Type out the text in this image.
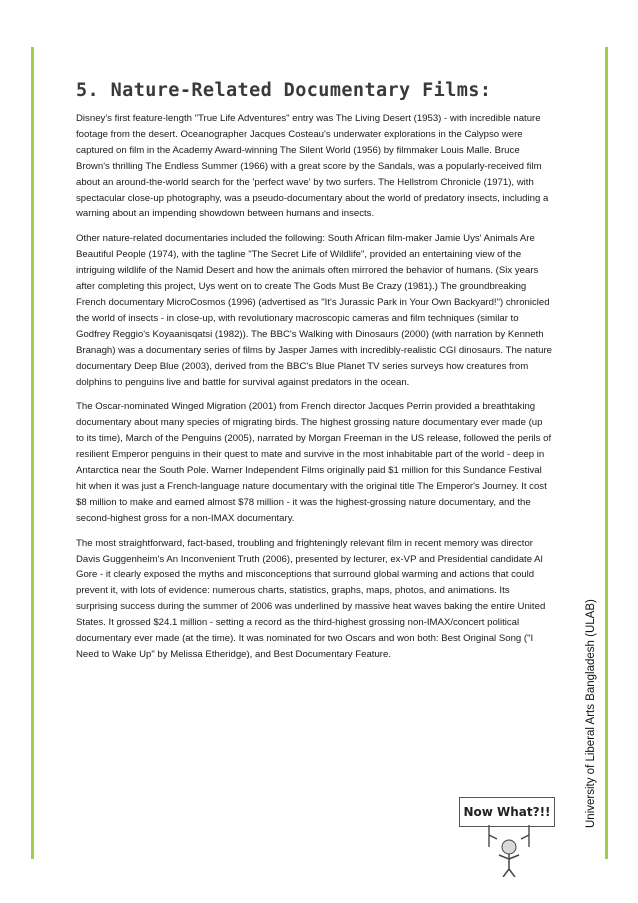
5. Nature-Related Documentary Films:

Disney's first feature-length "True Life Adventures" entry was The Living Desert (1953) - with incredible nature footage from the desert. Oceanographer Jacques Costeau's underwater explorations in the Calypso were captured on film in the Academy Award-winning The Silent World (1956) by filmmaker Louis Malle. Bruce Brown's thrilling The Endless Summer (1966) with a great score by the Sandals, was a popularly-received film about an around-the-world search for the 'perfect wave' by two surfers. The Hellstrom Chronicle (1971), with spectacular close-up photography, was a pseudo-documentary about the world of predatory insects, including a warning about an impending showdown between humans and insects.

Other nature-related documentaries included the following: South African film-maker Jamie Uys' Animals Are Beautiful People (1974), with the tagline "The Secret Life of Wildlife", provided an entertaining view of the intriguing wildlife of the Namid Desert and how the animals often mirrored the behavior of humans. (Six years after completing this project, Uys went on to create The Gods Must Be Crazy (1981).) The groundbreaking French documentary MicroCosmos (1996) (advertised as "It's Jurassic Park in Your Own Backyard!") chronicled the world of insects - in close-up, with revolutionary macroscopic cameras and film techniques (similar to Godfrey Reggio's Koyaanisqatsi (1982)). The BBC's Walking with Dinosaurs (2000) (with narration by Kenneth Branagh) was a documentary series of films by Jasper James with incredibly-realistic CGI dinosaurs. The nature documentary Deep Blue (2003), derived from the BBC's Blue Planet TV series surveys how creatures from dolphins to penguins live and battle for survival against predators in the ocean.

The Oscar-nominated Winged Migration (2001) from French director Jacques Perrin provided a breathtaking documentary about many species of migrating birds. The highest grossing nature documentary ever made (up to its time), March of the Penguins (2005), narrated by Morgan Freeman in the US release, followed the perils of resilient Emperor penguins in their quest to mate and survive in the most inhabitable part of the world - deep in Antarctica near the South Pole. Warner Independent Films originally paid $1 million for this Sundance Festival hit when it was just a French-language nature documentary with the original title The Emperor's Journey. It cost $8 million to make and earned almost $78 million - it was the highest-grossing nature documentary, and the second-highest gross for a non-IMAX documentary.

The most straightforward, fact-based, troubling and frighteningly relevant film in recent memory was director Davis Guggenheim's An Inconvenient Truth (2006), presented by lecturer, ex-VP and Presidential candidate Al Gore - it clearly exposed the myths and misconceptions that surround global warming and actions that could prevent it, with lots of evidence: numerous charts, statistics, graphs, maps, photos, and animations. Its surprising success during the summer of 2006 was underlined by massive heat waves baking the entire United States. It grossed $24.1 million - setting a record as the third-highest grossing non-IMAX/concert political documentary ever made (at the time). It was nominated for two Oscars and won both: Best Original Song ("I Need to Wake Up" by Melissa Etheridge), and Best Documentary Feature.	University of Liberal Arts Bangladesh (ULAB)
Now What?!!
